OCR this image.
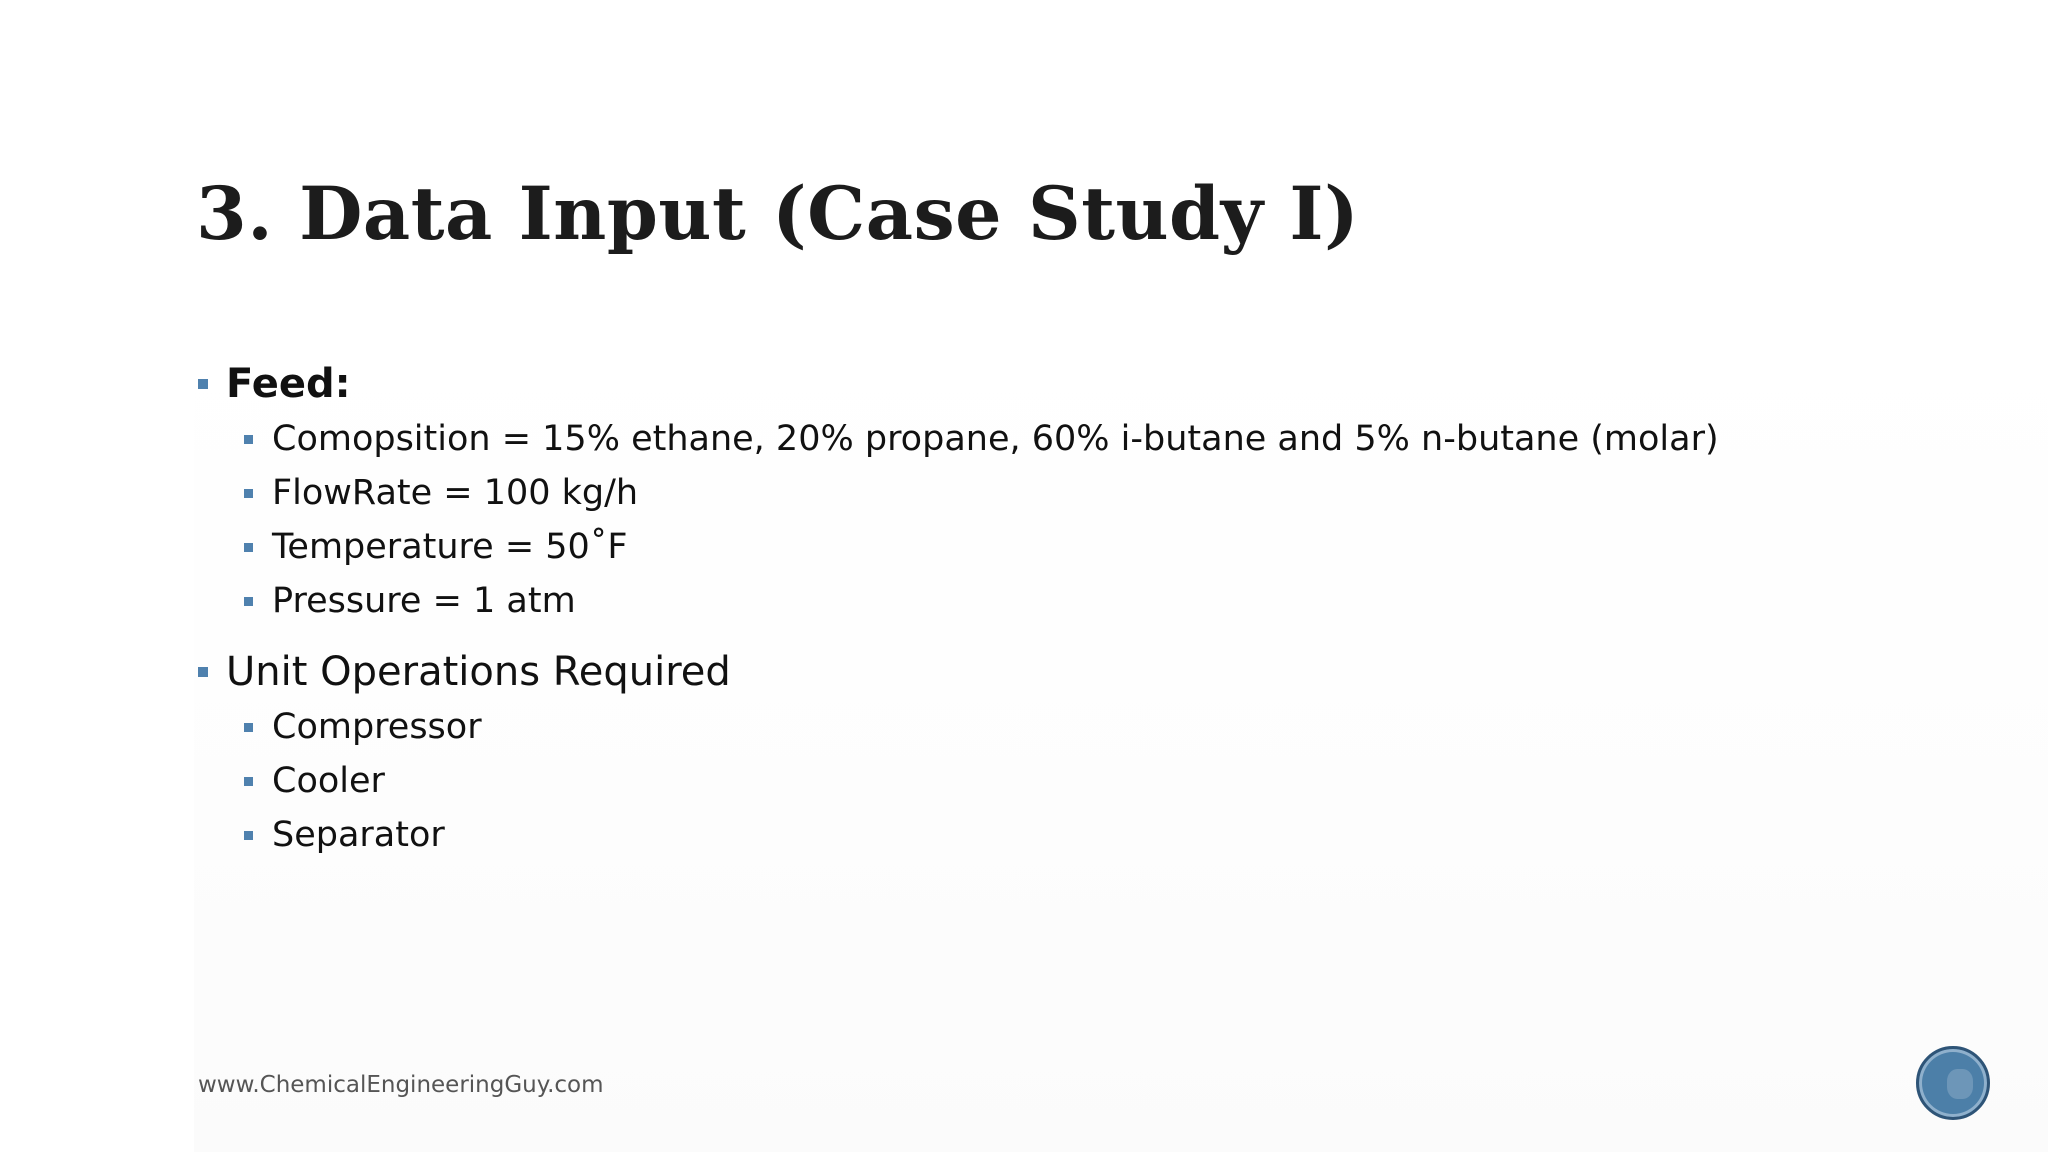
3. Data Input (Case Study I)
Feed:
Comopsition = 15% ethane, 20% propane, 60% i-butane and 5% n-butane (molar)
FlowRate = 100 kg/h
Temperature = 50˚F
Pressure = 1 atm
Unit Operations Required
Compressor
Cooler
Separator
www.ChemicalEngineeringGuy.com
